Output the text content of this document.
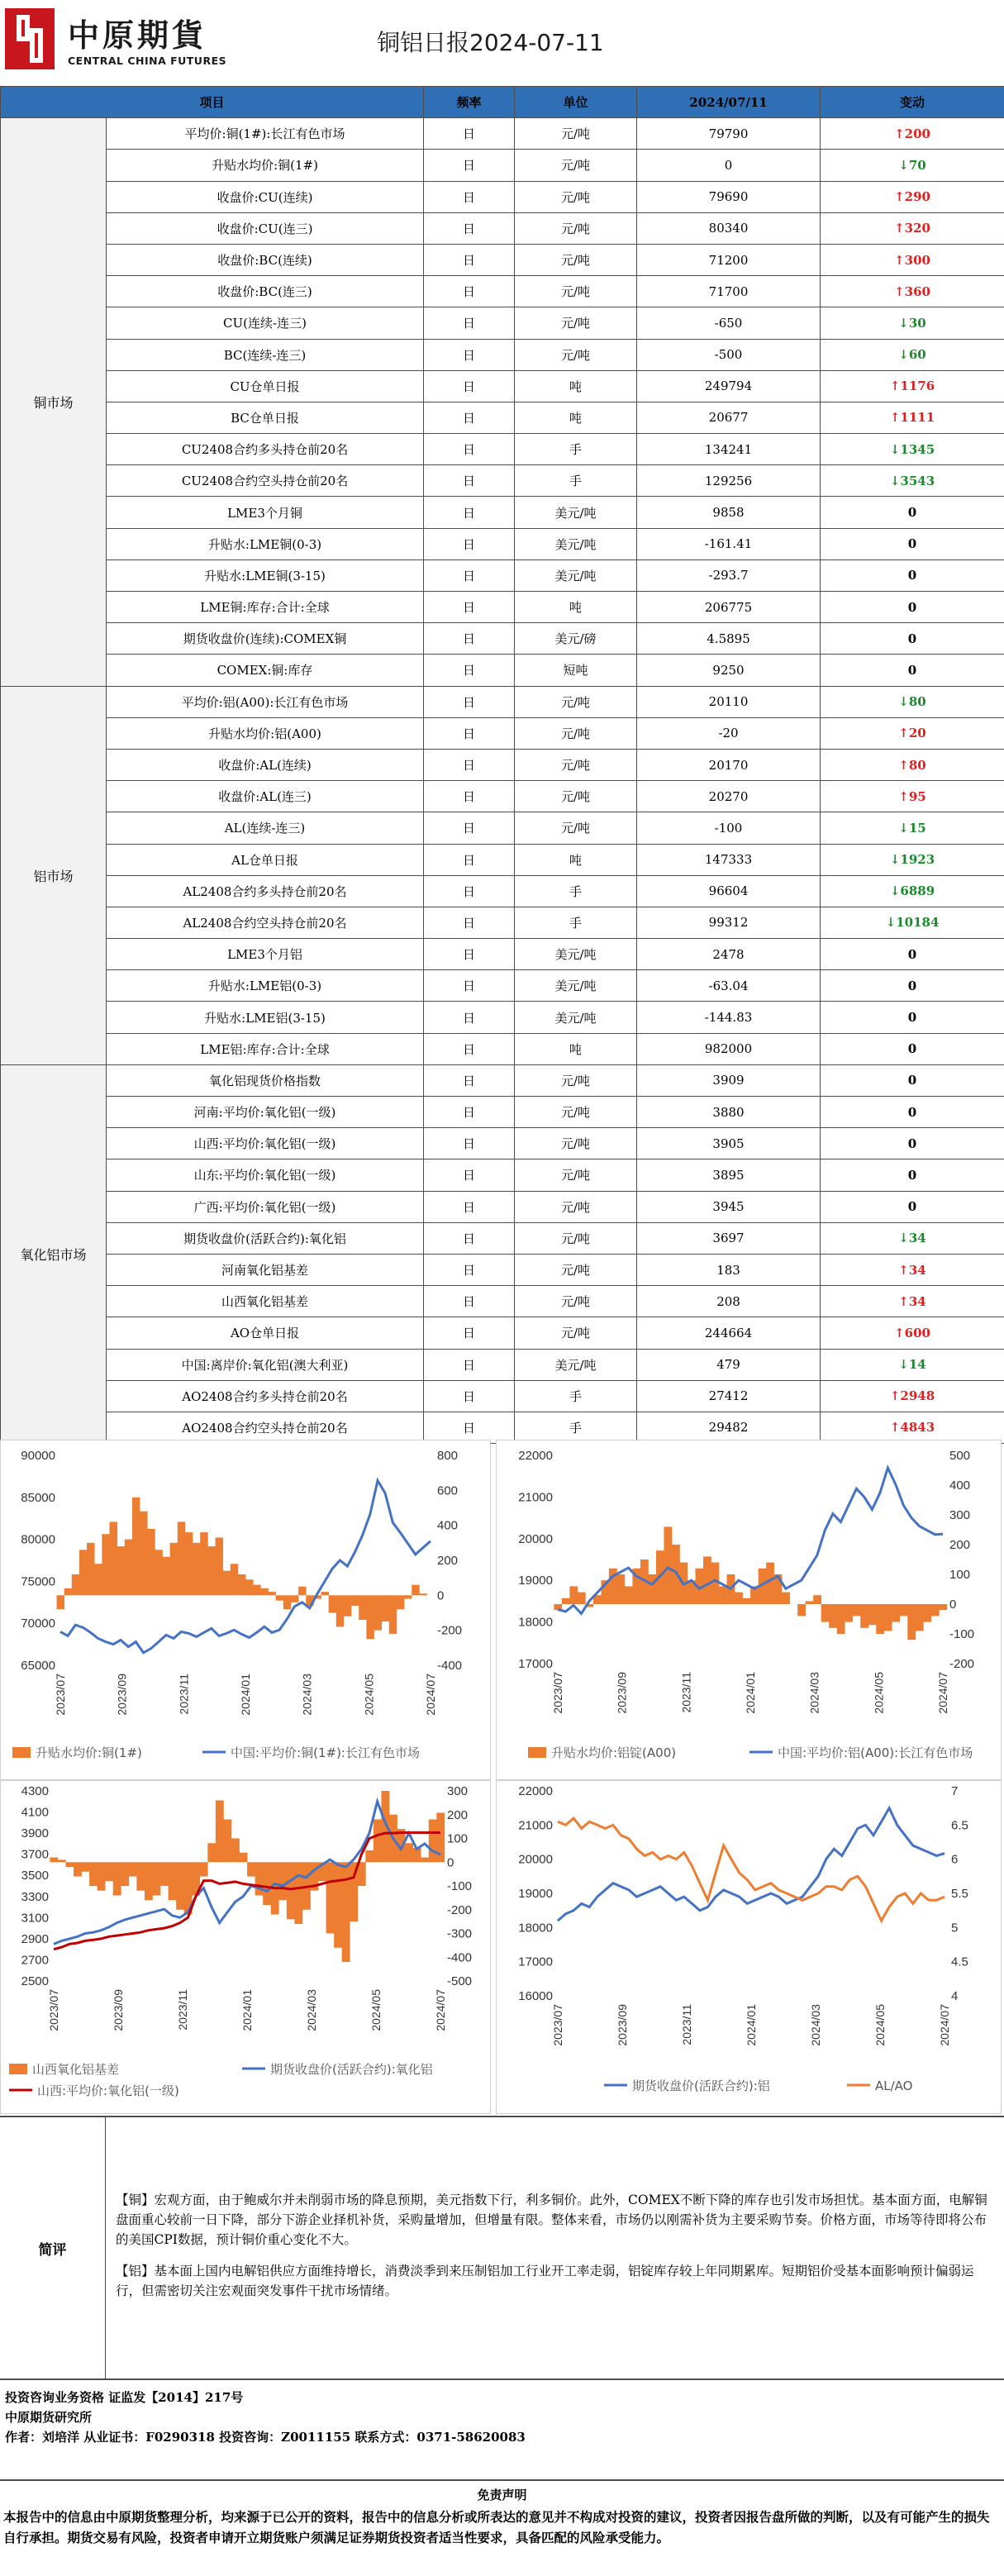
中原期貨
CENTRAL CHINA FUTURES
铜铝日报2024-07-11
项目		频率	单位	2024/07/11	变动
铜市场	平均价:铜(1#):长江有色市场	日	元/吨	79790	↑200
	升贴水均价:铜(1#)	日	元/吨	0	↓70
	收盘价:CU(连续)	日	元/吨	79690	↑290
	收盘价:CU(连三)	日	元/吨	80340	↑320
	收盘价:BC(连续)	日	元/吨	71200	↑300
	收盘价:BC(连三)	日	元/吨	71700	↑360
	CU(连续-连三)	日	元/吨	-650	↓30
	BC(连续-连三)	日	元/吨	-500	↓60
	CU仓单日报	日	吨	249794	↑1176
	BC仓单日报	日	吨	20677	↑1111
	CU2408合约多头持仓前20名	日	手	134241	↓1345
	CU2408合约空头持仓前20名	日	手	129256	↓3543
	LME3个月铜	日	美元/吨	9858	0
	升贴水:LME铜(0-3)	日	美元/吨	-161.41	0
	升贴水:LME铜(3-15)	日	美元/吨	-293.7	0
	LME铜:库存:合计:全球	日	吨	206775	0
	期货收盘价(连续):COMEX铜	日	美元/磅	4.5895	0
	COMEX:铜:库存	日	短吨	9250	0
铝市场	平均价:铝(A00):长江有色市场	日	元/吨	20110	↓80
	升贴水均价:铝(A00)	日	元/吨	-20	↑20
	收盘价:AL(连续)	日	元/吨	20170	↑80
	收盘价:AL(连三)	日	元/吨	20270	↑95
	AL(连续-连三)	日	元/吨	-100	↓15
	AL仓单日报	日	吨	147333	↓1923
	AL2408合约多头持仓前20名	日	手	96604	↓6889
	AL2408合约空头持仓前20名	日	手	99312	↓10184
	LME3个月铝	日	美元/吨	2478	0
	升贴水:LME铝(0-3)	日	美元/吨	-63.04	0
	升贴水:LME铝(3-15)	日	美元/吨	-144.83	0
	LME铝:库存:合计:全球	日	吨	982000	0
氧化铝市场	氧化铝现货价格指数	日	元/吨	3909	0
	河南:平均价:氧化铝(一级)	日	元/吨	3880	0
	山西:平均价:氧化铝(一级)	日	元/吨	3905	0
	山东:平均价:氧化铝(一级)	日	元/吨	3895	0
	广西:平均价:氧化铝(一级)	日	元/吨	3945	0
	期货收盘价(活跃合约):氧化铝	日	元/吨	3697	↓34
	河南氧化铝基差	日	元/吨	183	↑34
	山西氧化铝基差	日	元/吨	208	↑34
	AO仓单日报	日	元/吨	244664	↑600
	中国:离岸价:氧化铝(澳大利亚)	日	美元/吨	479	↓14
	AO2408合约多头持仓前20名	日	手	27412	↑2948
	AO2408合约空头持仓前20名	日	手	29482	↑4843
65000
70000
75000
80000
85000
90000
-400
-200
0
200
400
600
800
2023/07	2023/09	2023/11	2024/01	2024/03	2024/05	2024/07
升贴水均价:铜(1#)	中国:平均价:铜(1#):长江有色市场
17000
18000
19000
20000
21000
22000
-200
-100
0
100
200
300
400
500
2023/07	2023/09	2023/11	2024/01	2024/03	2024/05	2024/07
升贴水均价:铝锭(A00)	中国:平均价:铝(A00):长江有色市场
2500
2700
2900
3100
3300
3500
3700
3900
4100
4300
-500
-400
-300
-200
-100
0
100
200
300
2023/07	2023/09	2023/11	2024/01	2024/03	2024/05	2024/07
山西氧化铝基差	期货收盘价(活跃合约):氧化铝
山西:平均价:氧化铝(一级)
16000
17000
18000
19000
20000
21000
22000
4
4.5
5
5.5
6
6.5
7
2023/07	2023/09	2023/11	2024/01	2024/03	2024/05	2024/07
期货收盘价(活跃合约):铝	AL/AO
简评

【铜】宏观方面，由于鲍威尔并未削弱市场的降息预期，美元指数下行，利多铜价。此外，COMEX不断下降的库存也引发市场担忧。基本面方面，电解铜盘面重心较前一日下降，部分下游企业择机补货，采购量增加，但增量有限。整体来看，市场仍以刚需补货为主要采购节奏。价格方面，市场等待即将公布的美国CPI数据，预计铜价重心变化不大。

【铝】基本面上国内电解铝供应方面维持增长，消费淡季到来压制铝加工行业开工率走弱，铝锭库存较上年同期累库。短期铝价受基本面影响预计偏弱运行，但需密切关注宏观面突发事件干扰市场情绪。

投资咨询业务资格 证监发【2014】217号
中原期货研究所
作者：刘培洋 从业证书：F0290318 投资咨询：Z0011155 联系方式：0371-58620083
免责声明
本报告中的信息由中原期货整理分析，均来源于已公开的资料，报告中的信息分析或所表达的意见并不构成对投资的建议，投资者因报告盘所做的判断，以及有可能产生的损失自行承担。期货交易有风险，投资者申请开立期货账户须满足证券期货投资者适当性要求，具备匹配的风险承受能力。
